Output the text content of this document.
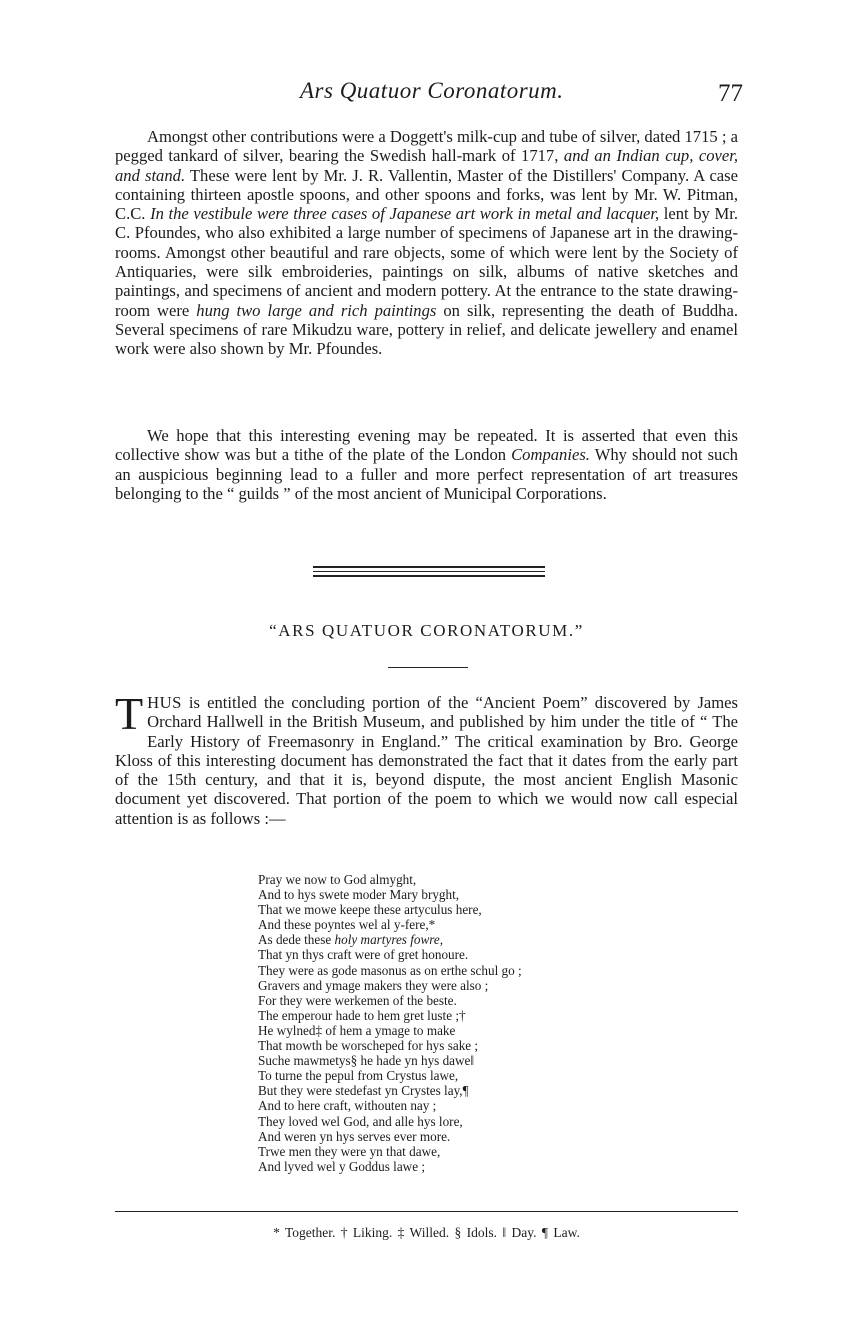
Ars Quatuor Coronatorum.	77

Amongst other contributions were a Doggett's milk-cup and tube of silver, dated 1715 ; a pegged tankard of silver, bearing the Swedish hall-mark of 1717, and an Indian cup, cover, and stand. These were lent by Mr. J. R. Vallentin, Master of the Distillers' Company. A case containing thirteen apostle spoons, and other spoons and forks, was lent by Mr. W. Pitman, C.C. In the vestibule were three cases of Japanese art work in metal and lacquer, lent by Mr. C. Pfoundes, who also exhibited a large number of specimens of Japanese art in the drawing-rooms. Amongst other beautiful and rare objects, some of which were lent by the Society of Antiquaries, were silk embroideries, paintings on silk, albums of native sketches and paintings, and specimens of ancient and modern pottery. At the entrance to the state drawing-room were hung two large and rich paintings on silk, representing the death of Buddha. Several specimens of rare Mikudzu ware, pottery in relief, and delicate jewellery and enamel work were also shown by Mr. Pfoundes.

We hope that this interesting evening may be repeated. It is asserted that even this collective show was but a tithe of the plate of the London Companies. Why should not such an auspicious beginning lead to a fuller and more perfect representation of art treasures belonging to the “ guilds ” of the most ancient of Municipal Corporations.

“ARS QUATUOR CORONATORUM.”

THUS is entitled the concluding portion of the “Ancient Poem” discovered by James Orchard Hallwell in the British Museum, and published by him under the title of “ The Early History of Freemasonry in England.” The critical examination by Bro. George Kloss of this interesting document has demonstrated the fact that it dates from the early part of the 15th century, and that it is, beyond dispute, the most ancient English Masonic document yet discovered. That portion of the poem to which we would now call especial attention is as follows :—

Pray we now to God almyght,
And to hys swete moder Mary bryght,
That we mowe keepe these artyculus here,
And these poyntes wel al y-fere,*
As dede these holy martyres fowre,
That yn thys craft were of gret honoure.
They were as gode masonus as on erthe schul go ;
Gravers and ymage makers they were also ;
For they were werkemen of the beste.
The emperour hade to hem gret luste ;†
He wylned‡ of hem a ymage to make
That mowth be worscheped for hys sake ;
Suche mawmetys§ he hade yn hys dawe‖
To turne the pepul from Crystus lawe,
But they were stedefast yn Crystes lay,¶
And to here craft, withouten nay ;
They loved wel God, and alle hys lore,
And weren yn hys serves ever more.
Trwe men they were yn that dawe,
And lyved wel y Goddus lawe ;
* Together. † Liking. ‡ Willed. § Idols. ‖ Day. ¶ Law.
